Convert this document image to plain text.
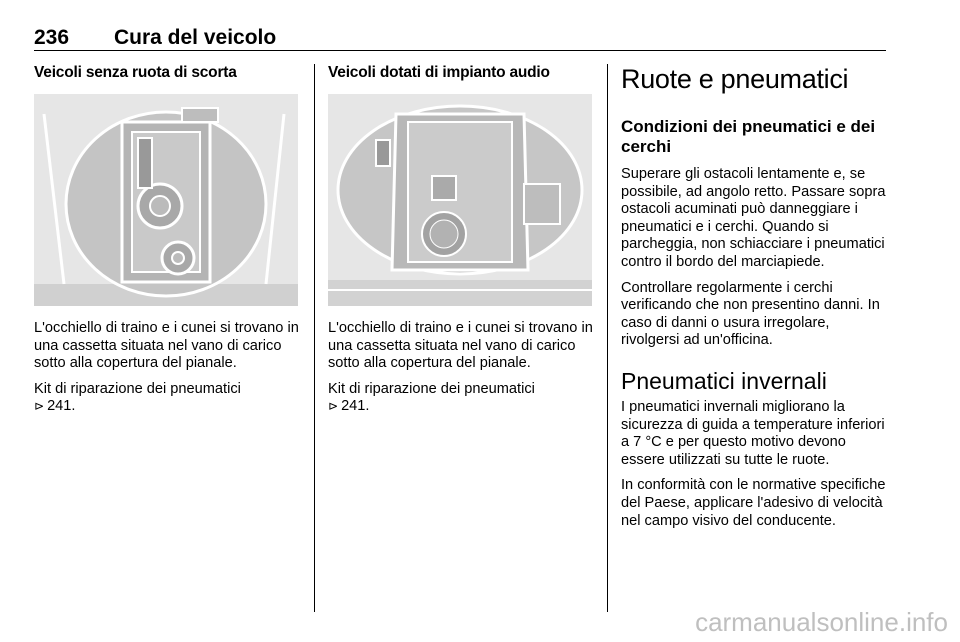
236 Cura del veicolo
Veicoli senza ruota di scorta

L'occhiello di traino e i cunei si trovano in una cassetta situata nel vano di carico sotto alla copertura del pianale.

Kit di riparazione dei pneumatici
⊳ 241.

Veicoli dotati di impianto audio

L'occhiello di traino e i cunei si trovano in una cassetta situata nel vano di carico sotto alla copertura del pianale.

Kit di riparazione dei pneumatici
⊳ 241.

Ruote e pneumatici
Condizioni dei pneumatici e dei cerchi

Superare gli ostacoli lentamente e, se possibile, ad angolo retto. Passare sopra ostacoli acuminati può danneggiare i pneumatici e i cerchi. Quando si parcheggia, non schiacciare i pneumatici contro il bordo del marciapiede.

Controllare regolarmente i cerchi verificando che non presentino danni. In caso di danni o usura irregolare, rivolgersi ad un'officina.

Pneumatici invernali

I pneumatici invernali migliorano la sicurezza di guida a temperature inferiori a 7 °C e per questo motivo devono essere utilizzati su tutte le ruote.

In conformità con le normative specifiche del Paese, applicare l'adesivo di velocità nel campo visivo del conducente.

carmanualsonline.info
